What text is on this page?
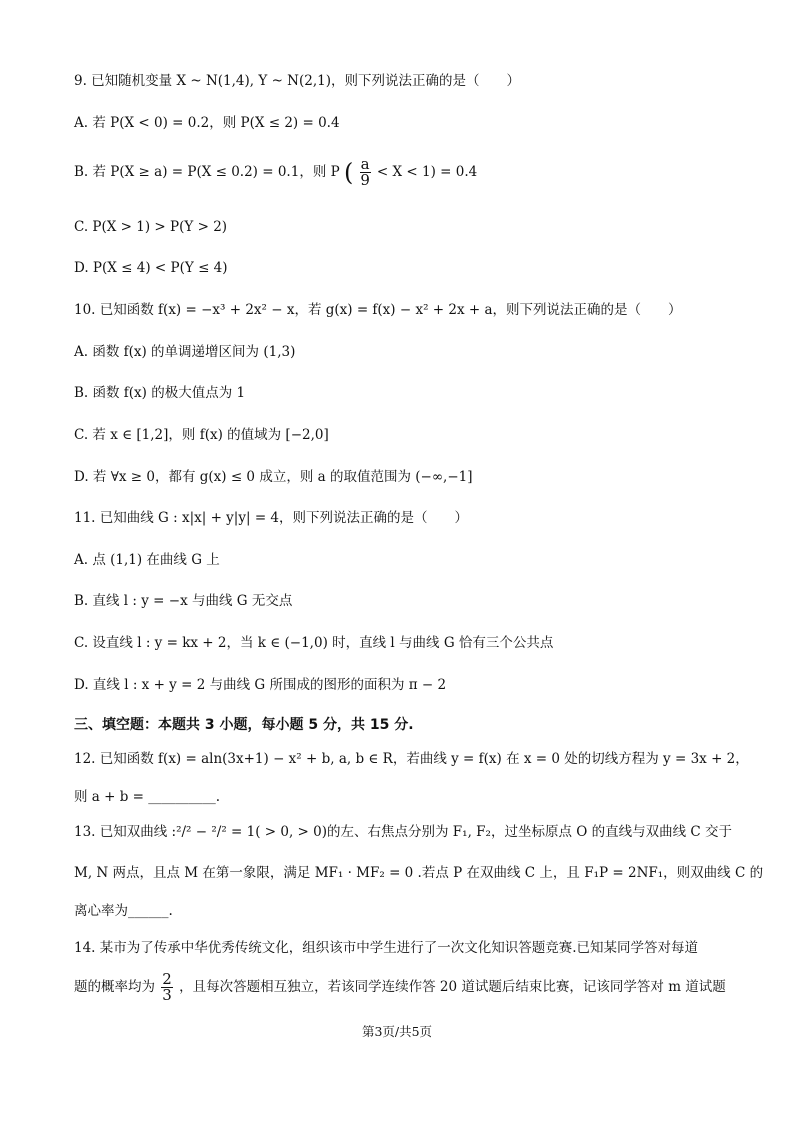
9. 已知随机变量 X ~ N(1,4), Y ~ N(2,1)，则下列说法正确的是（　　）
A. 若 P(X < 0) = 0.2，则 P(X ≤ 2) = 0.4
B. 若 P(X ≥ a) = P(X ≤ 0.2) = 0.1，则 P ( $\frac{a}{9} < X < 1) = 0.4$
C. P(X > 1) > P(Y > 2)
D. P(X ≤ 4) < P(Y ≤ 4)
10. 已知函数 f(x) = −x³ + 2x² − x，若 g(x) = f(x) − x² + 2x + a，则下列说法正确的是（　　）
A. 函数 f(x) 的单调递增区间为 (1,3)
B. 函数 f(x) 的极大值点为 1
C. 若 x ∈ [1,2]，则 f(x) 的值域为 [−2,0]
D. 若 ∀x ≥ 0，都有 g(x) ≤ 0 成立，则 a 的取值范围为 (−∞,−1]
11. 已知曲线 G : x|x| + y|y| = 4，则下列说法正确的是（　　）
A. 点 (1,1) 在曲线 G 上
B. 直线 l : y = −x 与曲线 G 无交点
C. 设直线 l : y = kx + 2，当 k ∈ (−1,0) 时，直线 l 与曲线 G 恰有三个公共点
D. 直线 l : x + y = 2 与曲线 G 所围成的图形的面积为 π − 2
三、填空题：本题共 3 小题，每小题 5 分，共 15 分.
12. 已知函数 f(x) = aln(3x+1) − x² + b, a, b ∈ R，若曲线 y = f(x) 在 x = 0 处的切线方程为 y = 3x + 2，
则 a + b = __________.
13. 已知双曲线 :²/² − ²/² = 1( > 0, > 0)的左、右焦点分别为 F₁, F₂，过坐标原点 O 的直线与双曲线 C 交于
M, N 两点，且点 M 在第一象限，满足 MF₁ · MF₂ = 0 .若点 P 在双曲线 C 上，且 F₁P = 2NF₁，则双曲线 C 的
离心率为______.
14. 某市为了传承中华优秀传统文化，组织该市中学生进行了一次文化知识答题竞赛.已知某同学答对每道
题的概率均为 $\frac{2}{3}$ ，且每次答题相互独立，若该同学连续作答 20 道试题后结束比赛，记该同学答对 m 道试题
第3页/共5页
